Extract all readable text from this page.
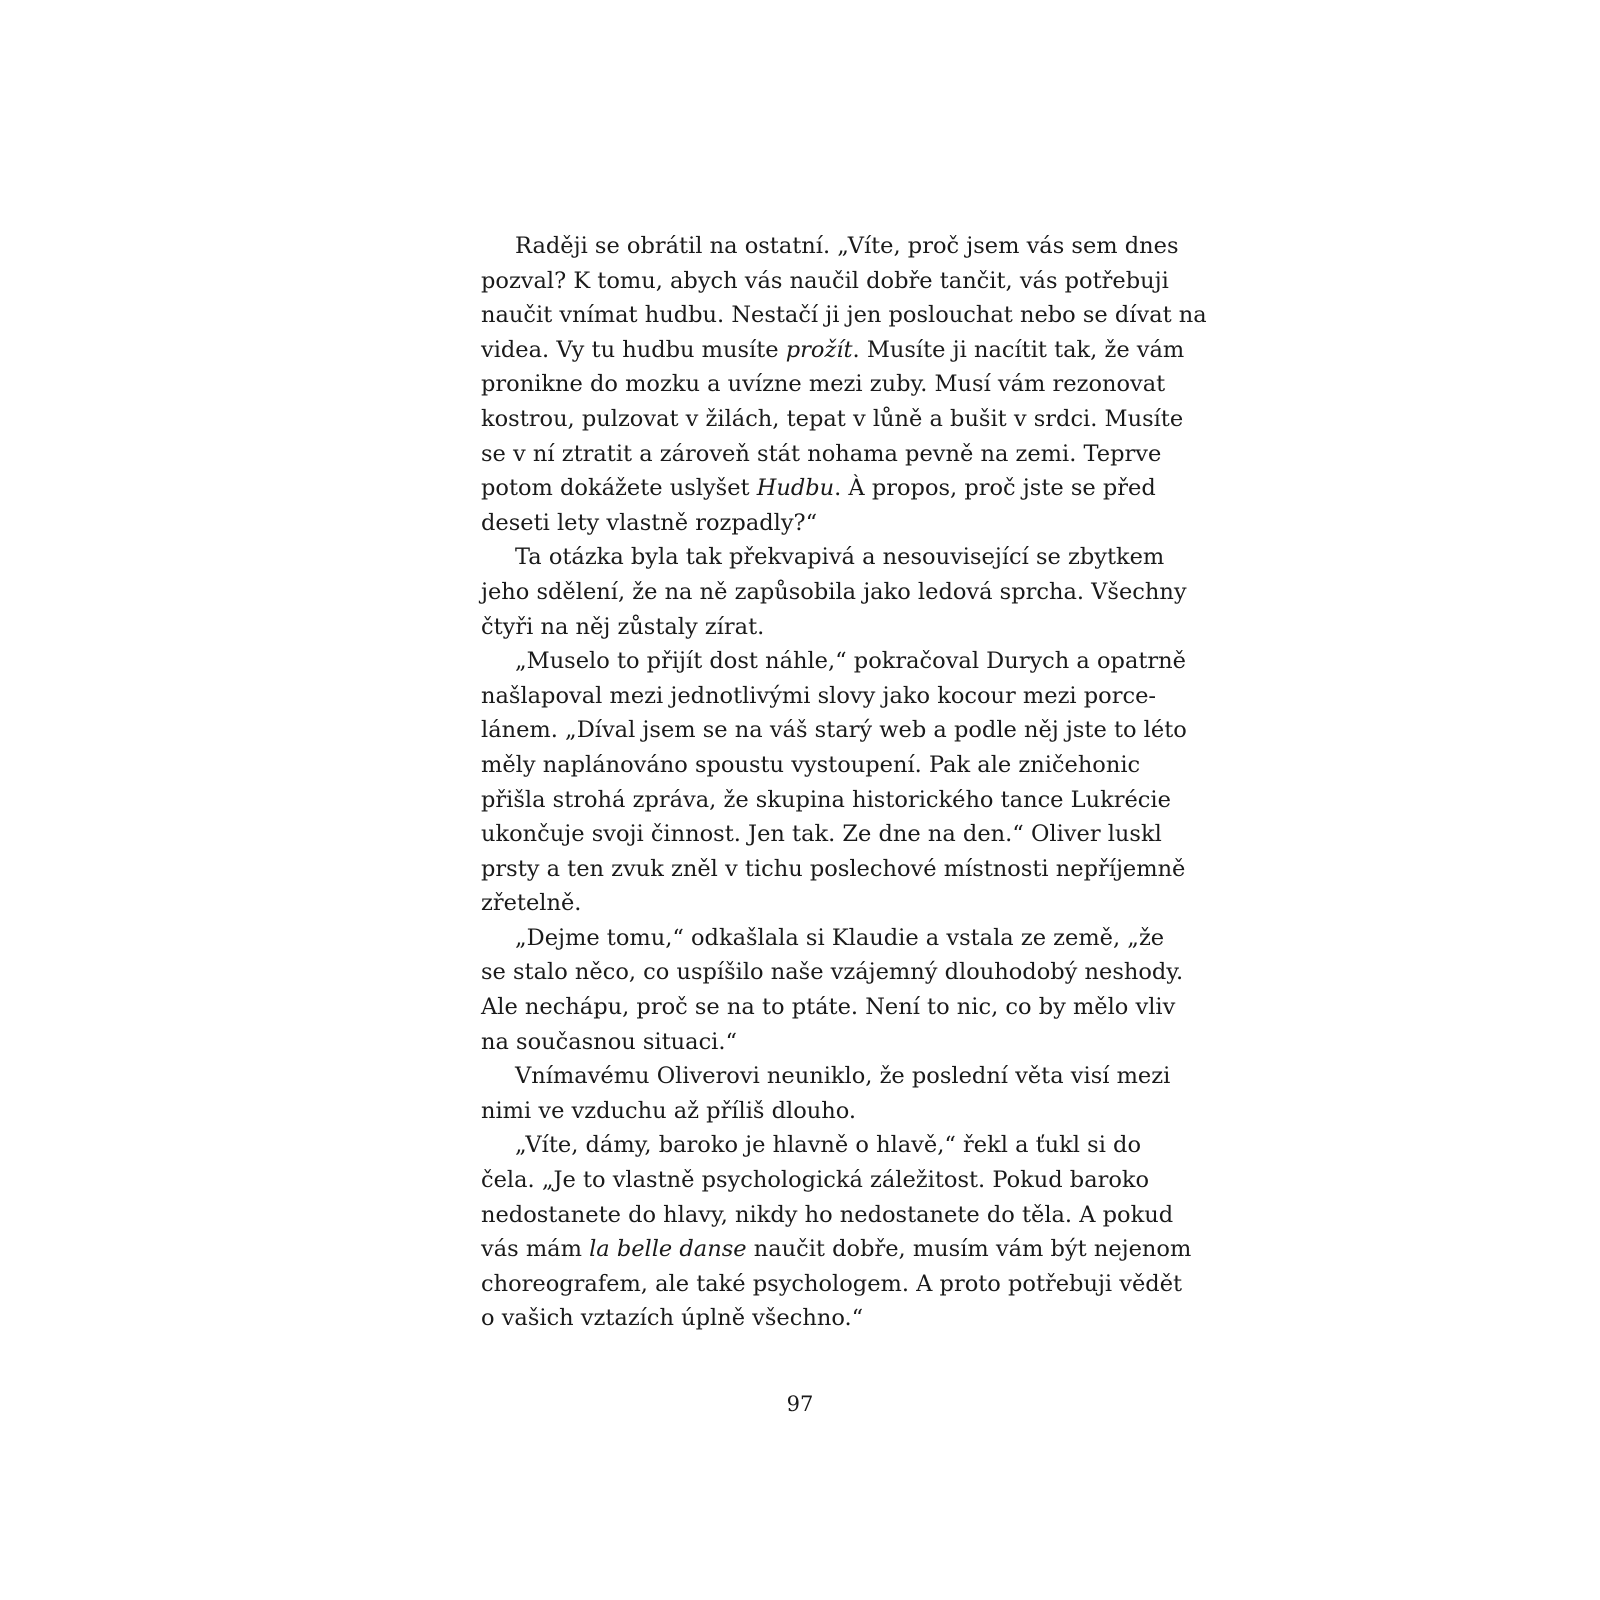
Raději se obrátil na ostatní. „Víte, proč jsem vás sem dnes
pozval? K tomu, abych vás naučil dobře tančit, vás potřebuji
naučit vnímat hudbu. Nestačí ji jen poslouchat nebo se dívat na
videa. Vy tu hudbu musíte prožít. Musíte ji nacítit tak, že vám
pronikne do mozku a uvízne mezi zuby. Musí vám rezonovat
kostrou, pulzovat v žilách, tepat v lůně a bušit v srdci. Musíte
se v ní ztratit a zároveň stát nohama pevně na zemi. Teprve
potom dokážete uslyšet Hudbu. À propos, proč jste se před
deseti lety vlastně rozpadly?“
Ta otázka byla tak překvapivá a nesouvisející se zbytkem
jeho sdělení, že na ně zapůsobila jako ledová sprcha. Všechny
čtyři na něj zůstaly zírat.
„Muselo to přijít dost náhle,“ pokračoval Durych a opatrně
našlapoval mezi jednotlivými slovy jako kocour mezi porce-
lánem. „Díval jsem se na váš starý web a podle něj jste to léto
měly naplánováno spoustu vystoupení. Pak ale zničehonic
přišla strohá zpráva, že skupina historického tance Lukrécie
ukončuje svoji činnost. Jen tak. Ze dne na den.“ Oliver luskl
prsty a ten zvuk zněl v tichu poslechové místnosti nepříjemně
zřetelně.
„Dejme tomu,“ odkašlala si Klaudie a vstala ze země, „že
se stalo něco, co uspíšilo naše vzájemný dlouhodobý neshody.
Ale nechápu, proč se na to ptáte. Není to nic, co by mělo vliv
na současnou situaci.“
Vnímavému Oliverovi neuniklo, že poslední věta visí mezi
nimi ve vzduchu až příliš dlouho.
„Víte, dámy, baroko je hlavně o hlavě,“ řekl a ťukl si do
čela. „Je to vlastně psychologická záležitost. Pokud baroko
nedostanete do hlavy, nikdy ho nedostanete do těla. A pokud
vás mám la belle danse naučit dobře, musím vám být nejenom
choreografem, ale také psychologem. A proto potřebuji vědět
o vašich vztazích úplně všechno.“
97
